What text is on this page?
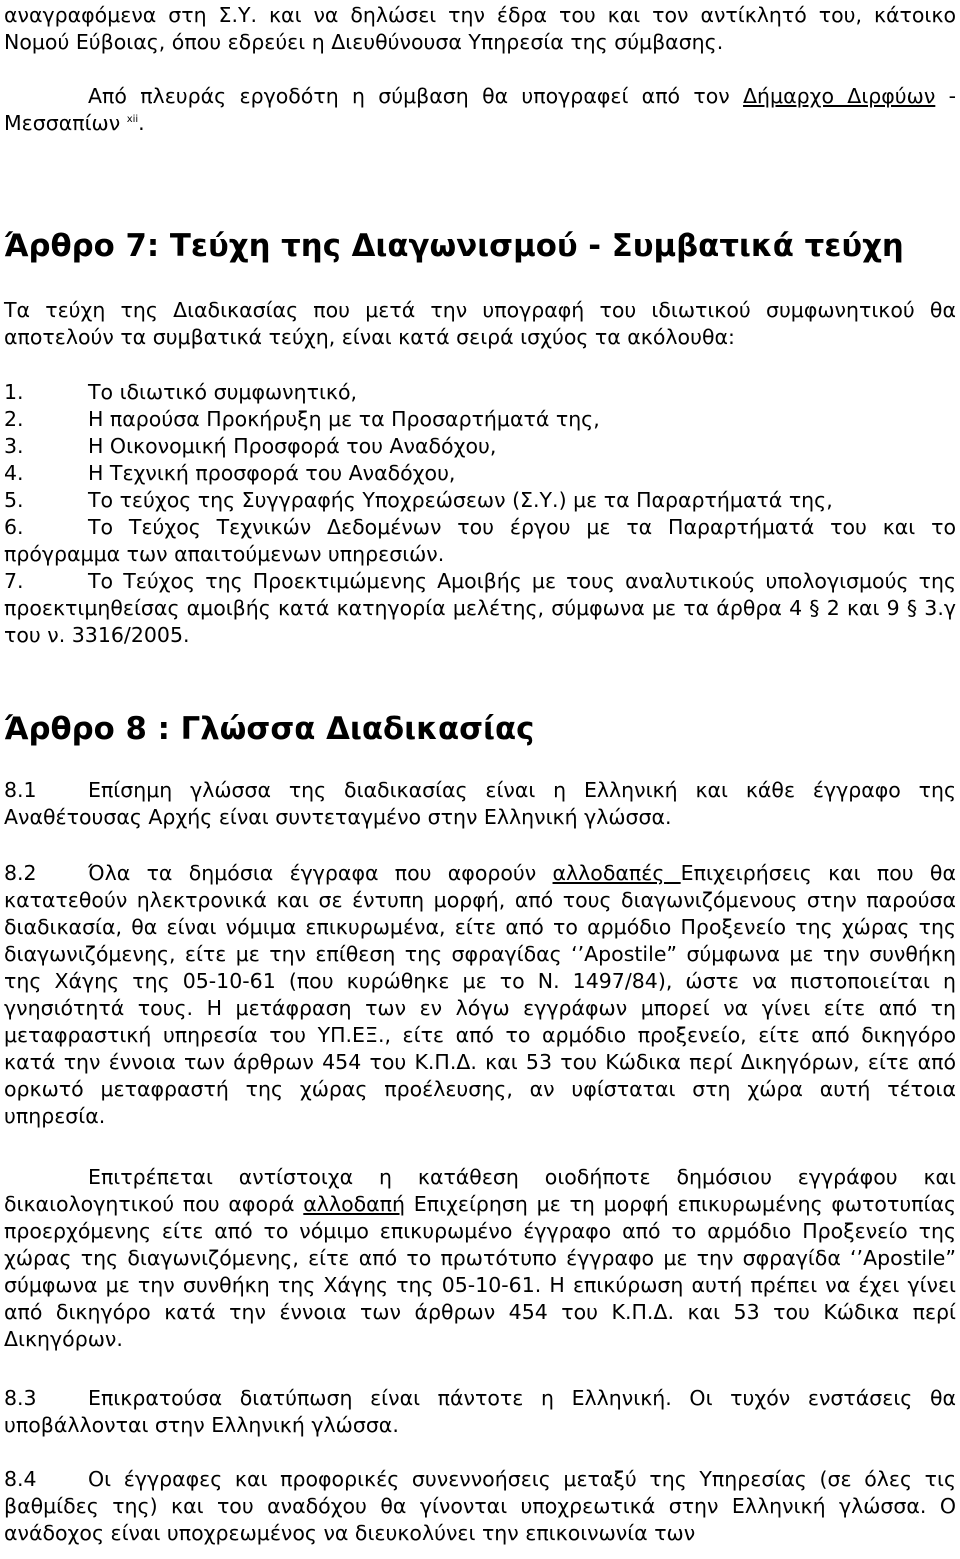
αναγραφόμενα στη Σ.Υ. και να δηλώσει την έδρα του και τον αντίκλητό του, κάτοικο Νομού Εύβοιας, όπου εδρεύει η Διευθύνουσα Υπηρεσία της σύμβασης.

Από πλευράς εργοδότη η σύμβαση θα υπογραφεί από τον Δήμαρχο Διρφύων - Μεσσαπίων $^{xii}$.

Άρθρο 7: Τεύχη της Διαγωνισμού - Συμβατικά τεύχη

Τα τεύχη της Διαδικασίας που μετά την υπογραφή του ιδιωτικού συμφωνητικού θα αποτελούν τα συμβατικά τεύχη, είναι κατά σειρά ισχύος τα ακόλουθα:

1.	Το ιδιωτικό συμφωνητικό,

2.	Η παρούσα Προκήρυξη με τα Προσαρτήματά της,

3.	Η Οικονομική Προσφορά του Αναδόχου,

4.	Η Τεχνική προσφορά του Αναδόχου,

5.	Το τεύχος της Συγγραφής Υποχρεώσεων (Σ.Υ.) με τα Παραρτήματά της,

6.	Το Τεύχος Τεχνικών Δεδομένων του έργου με τα Παραρτήματά του και το πρόγραμμα των απαιτούμενων υπηρεσιών.

7.	Το Τεύχος της Προεκτιμώμενης Αμοιβής με τους αναλυτικούς υπολογισμούς της προεκτιμηθείσας αμοιβής κατά κατηγορία μελέτης, σύμφωνα με τα άρθρα 4 § 2 και 9 § 3.γ του ν. 3316/2005.

Άρθρο 8 : Γλώσσα Διαδικασίας

8.1	Επίσημη γλώσσα της διαδικασίας είναι η Ελληνική και κάθε έγγραφο της Αναθέτουσας Αρχής είναι συντεταγμένο στην Ελληνική γλώσσα.

8.2	Όλα τα δημόσια έγγραφα που αφορούν αλλοδαπές Επιχειρήσεις και που θα κατατεθούν ηλεκτρονικά και σε έντυπη μορφή, από τους διαγωνιζόμενους στην παρούσα διαδικασία, θα είναι νόμιμα επικυρωμένα, είτε από το αρμόδιο Προξενείο της χώρας της διαγωνιζόμενης, είτε με την επίθεση της σφραγίδας ‘’Apostile” σύμφωνα με την συνθήκη της Χάγης της 05-10-61 (που κυρώθηκε με το Ν. 1497/84), ώστε να πιστοποιείται η γνησιότητά τους. Η μετάφραση των εν λόγω εγγράφων μπορεί να γίνει είτε από τη μεταφραστική υπηρεσία του ΥΠ.ΕΞ., είτε από το αρμόδιο προξενείο, είτε από δικηγόρο κατά την έννοια των άρθρων 454 του Κ.Π.Δ. και 53 του Κώδικα περί Δικηγόρων, είτε από ορκωτό μεταφραστή της χώρας προέλευσης, αν υφίσταται στη χώρα αυτή τέτοια υπηρεσία.

Επιτρέπεται αντίστοιχα η κατάθεση οιοδήποτε δημόσιου εγγράφου και δικαιολογητικού που αφορά αλλοδαπή Επιχείρηση με τη μορφή επικυρωμένης φωτοτυπίας προερχόμενης είτε από το νόμιμο επικυρωμένο έγγραφο από το αρμόδιο Προξενείο της χώρας της διαγωνιζόμενης, είτε από το πρωτότυπο έγγραφο με την σφραγίδα ‘’Apostile” σύμφωνα με την συνθήκη της Χάγης της 05-10-61. Η επικύρωση αυτή πρέπει να έχει γίνει από δικηγόρο κατά την έννοια των άρθρων 454 του Κ.Π.Δ. και 53 του Κώδικα περί Δικηγόρων.

8.3	Επικρατούσα διατύπωση είναι πάντοτε η Ελληνική. Οι τυχόν ενστάσεις θα υποβάλλονται στην Ελληνική γλώσσα.

8.4	Οι έγγραφες και προφορικές συνεννοήσεις μεταξύ της Υπηρεσίας (σε όλες τις βαθμίδες της) και του αναδόχου θα γίνονται υποχρεωτικά στην Ελληνική γλώσσα. Ο ανάδοχος είναι υποχρεωμένος να διευκολύνει την επικοινωνία των
